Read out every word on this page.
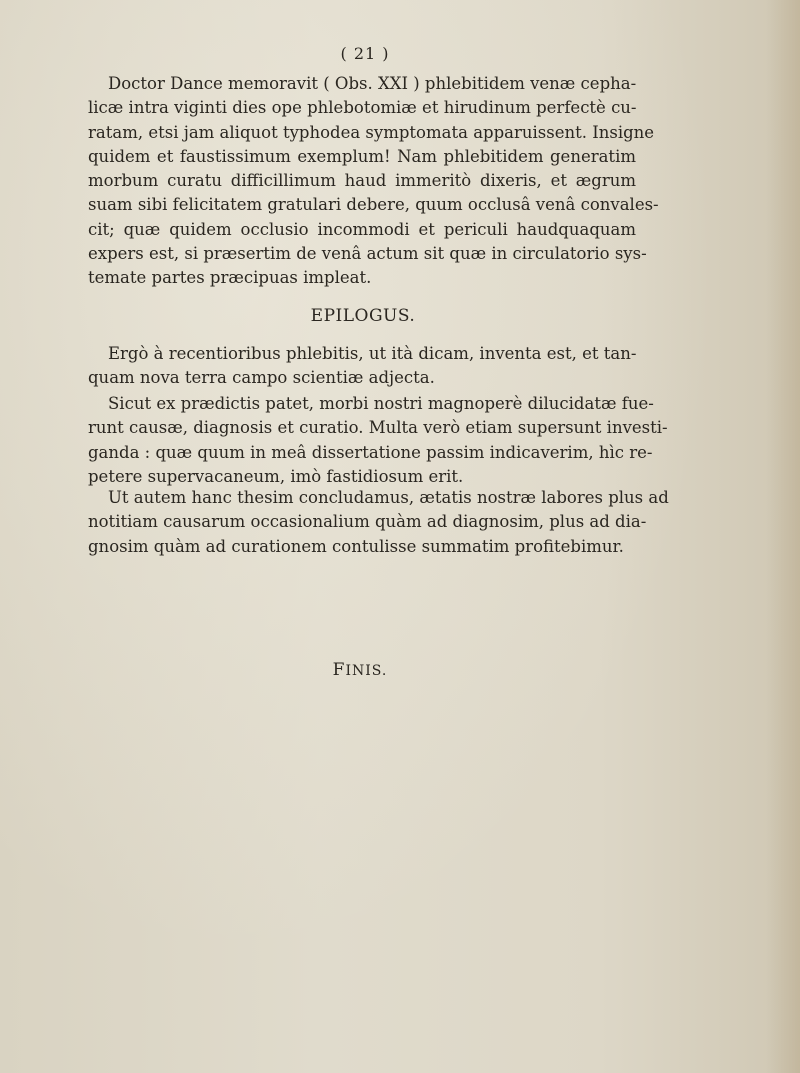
( 21 )
Doctor Dance memoravit ( Obs. XXI ) phlebitidem venæ cepha-
licæ intra viginti dies ope phlebotomiæ et hirudinum perfectè cu-
ratam, etsi jam aliquot typhodea symptomata apparuissent. Insigne
quidem et faustissimum exemplum! Nam phlebitidem generatim
morbum curatu difficillimum haud immeritò dixeris, et ægrum
suam sibi felicitatem gratulari debere, quum occlusâ venâ convales-
cit; quæ quidem occlusio incommodi et periculi haudquaquam
expers est, si præsertim de venâ actum sit quæ in circulatorio sys-
temate partes præcipuas impleat.
EPILOGUS.
Ergò à recentioribus phlebitis, ut ità dicam, inventa est, et tan-
quam nova terra campo scientiæ adjecta.
Sicut ex prædictis patet, morbi nostri magnoperè dilucidatæ fue-
runt causæ, diagnosis et curatio. Multa verò etiam supersunt investi-
ganda : quæ quum in meâ dissertatione passim indicaverim, hìc re-
petere supervacaneum, imò fastidiosum erit.
Ut autem hanc thesim concludamus, ætatis nostræ labores plus ad
notitiam causarum occasionalium quàm ad diagnosim, plus ad dia-
gnosim quàm ad curationem contulisse summatim profitebimur.
FINIS.
